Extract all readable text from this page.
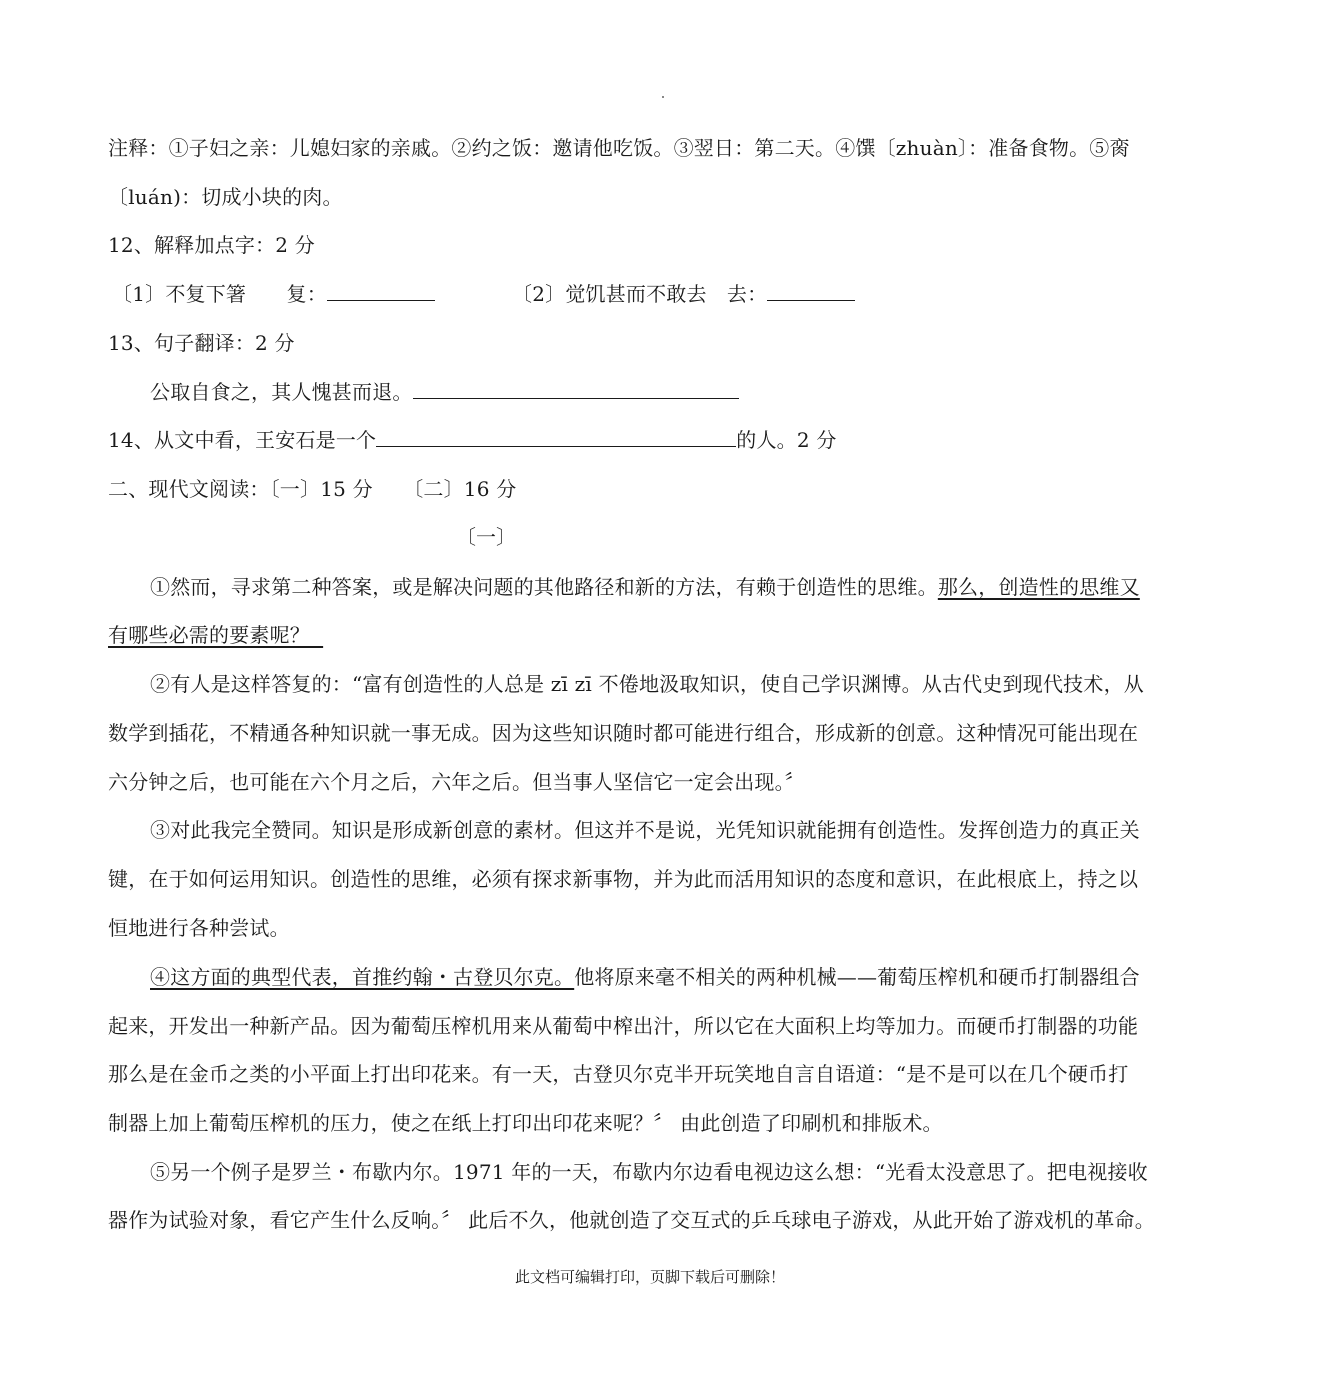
注释：①子妇之亲：儿媳妇家的亲戚。②约之饭：邀请他吃饭。③翌日：第二天。④馔〔zhuàn〕：准备食物。⑤脔
〔luán)：切成小块的肉。
12、解释加点字：2 分
〔1〕不复下箸　　复：	〔2〕觉饥甚而不敢去　去：
13、句子翻译：2 分
公取自食之，其人愧甚而退。
14、从文中看，王安石是一个	的人。2 分
二、现代文阅读：〔一〕15 分　　〔二〕16 分
〔一〕
①然而，寻求第二种答案，或是解决问题的其他路径和新的方法，有赖于创造性的思维。那么，创造性的思维又
有哪些必需的要素呢？
②有人是这样答复的：“富有创造性的人总是 zī zī 不倦地汲取知识，使自己学识渊博。从古代史到现代技术，从
数学到插花，不精通各种知识就一事无成。因为这些知识随时都可能进行组合，形成新的创意。这种情况可能出现在
六分钟之后，也可能在六个月之后，六年之后。但当事人坚信它一定会出现。〞
③对此我完全赞同。知识是形成新创意的素材。但这并不是说，光凭知识就能拥有创造性。发挥创造力的真正关
键，在于如何运用知识。创造性的思维，必须有探求新事物，并为此而活用知识的态度和意识，在此根底上，持之以
恒地进行各种尝试。
④这方面的典型代表，首推约翰・古登贝尔克。他将原来毫不相关的两种机械——葡萄压榨机和硬币打制器组合
起来，开发出一种新产品。因为葡萄压榨机用来从葡萄中榨出汁，所以它在大面积上均等加力。而硬币打制器的功能
那么是在金币之类的小平面上打出印花来。有一天，古登贝尔克半开玩笑地自言自语道：“是不是可以在几个硬币打
制器上加上葡萄压榨机的压力，使之在纸上打印出印花来呢？〞 由此创造了印刷机和排版术。
⑤另一个例子是罗兰・布歇内尔。1971 年的一天，布歇内尔边看电视边这么想：“光看太没意思了。把电视接收
器作为试验对象，看它产生什么反响。〞 此后不久，他就创造了交互式的乒乓球电子游戏，从此开始了游戏机的革命。
此文档可编辑打印，页脚下载后可删除！
